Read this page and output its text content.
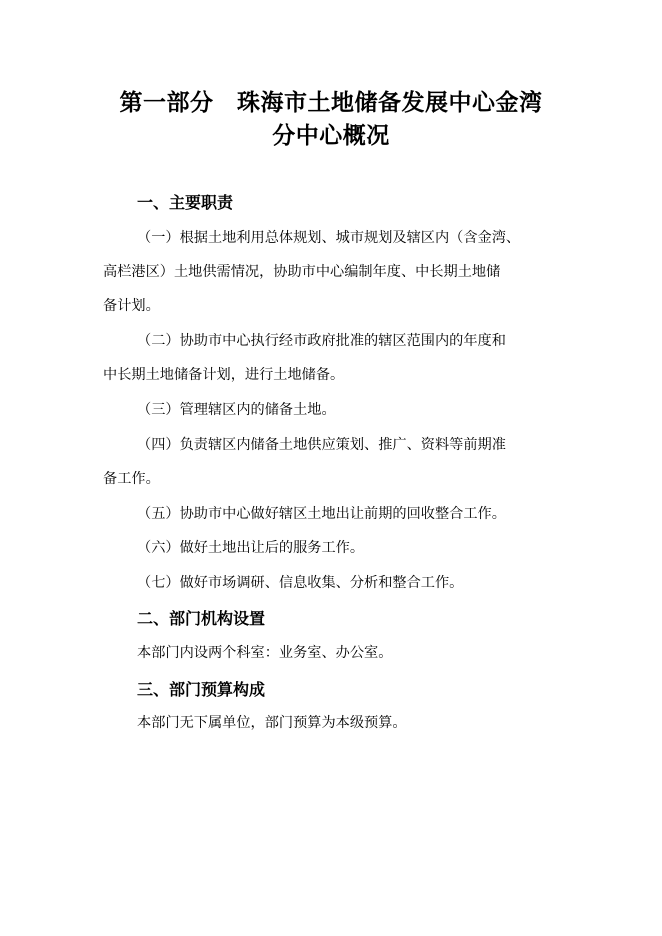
第一部分　珠海市土地储备发展中心金湾
分中心概况
一、主要职责
（一）根据土地利用总体规划、城市规划及辖区内（含金湾、
高栏港区）土地供需情况，协助市中心编制年度、中长期土地储
备计划。
（二）协助市中心执行经市政府批准的辖区范围内的年度和
中长期土地储备计划，进行土地储备。
（三）管理辖区内的储备土地。
（四）负责辖区内储备土地供应策划、推广、资料等前期准
备工作。
（五）协助市中心做好辖区土地出让前期的回收整合工作。
（六）做好土地出让后的服务工作。
（七）做好市场调研、信息收集、分析和整合工作。
二、部门机构设置
本部门内设两个科室：业务室、办公室。
三、部门预算构成
本部门无下属单位，部门预算为本级预算。
